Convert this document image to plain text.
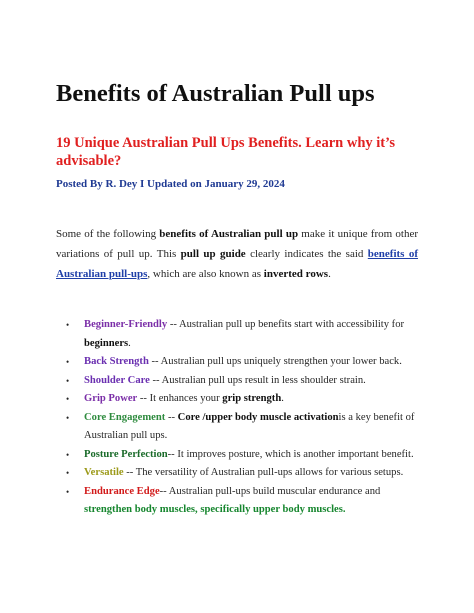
Benefits of Australian Pull ups
19 Unique Australian Pull Ups Benefits. Learn why it’s advisable?

Posted By R. Dey I Updated on January 29, 2024

Some of the following benefits of Australian pull up make it unique from other variations of pull up. This pull up guide clearly indicates the said benefits of Australian pull-ups, which are also known as inverted rows.

• Beginner-Friendly -- Australian pull up benefits start with accessibility for beginners.
• Back Strength -- Australian pull ups uniquely strengthen your lower back.
• Shoulder Care -- Australian pull ups result in less shoulder strain.
• Grip Power -- It enhances your grip strength.
• Core Engagement -- Core /upper body muscle activationis a key benefit of Australian pull ups.
• Posture Perfection-- It improves posture, which is another important benefit.
• Versatile -- The versatility of Australian pull-ups allows for various setups.
• Endurance Edge-- Australian pull-ups build muscular endurance and strengthen body muscles, specifically upper body muscles.
